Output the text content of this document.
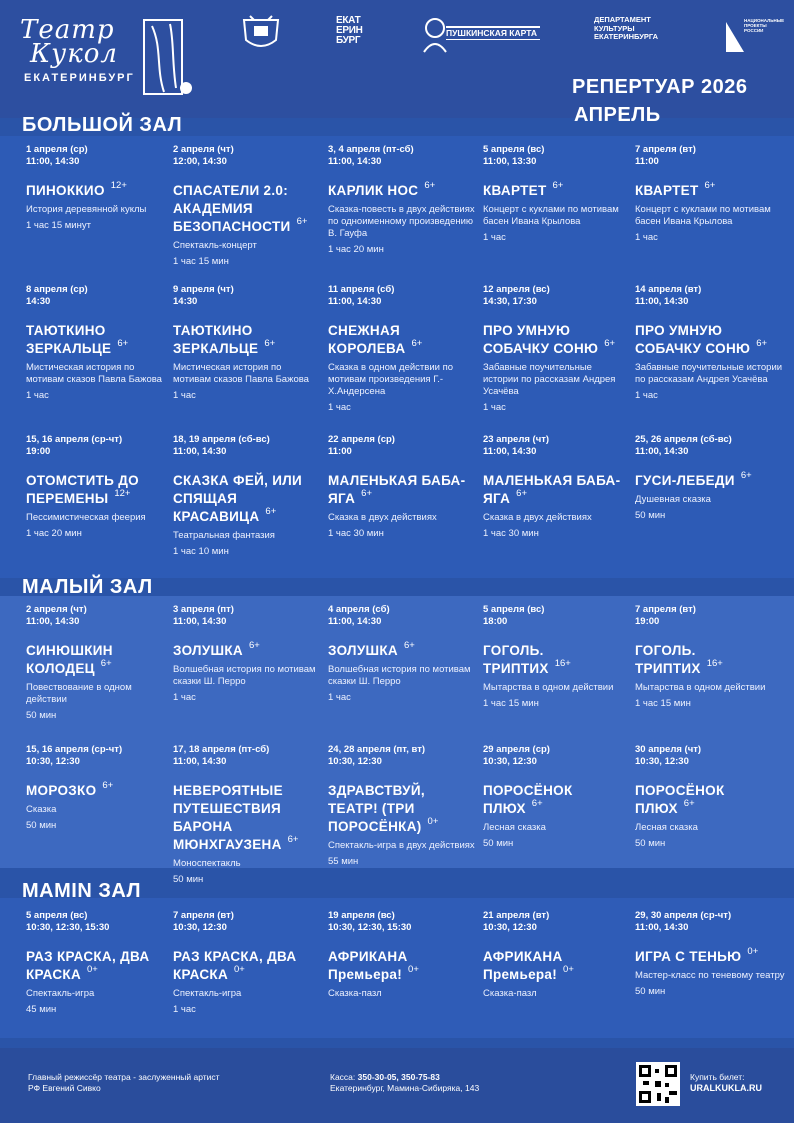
Театр
Кукол
ЕКАТЕРИНБУРГ
ЕКАТ
ЕРИН
БУРГ
ПУШКИНСКАЯ КАРТА
ДЕПАРТАМЕНТ
КУЛЬТУРЫ
ЕКАТЕРИНБУРГА
НАЦИОНАЛЬНЫЕ ПРОЕКТЫ РОССИИ
РЕПЕРТУАР 2026
АПРЕЛЬ
БОЛЬШОЙ ЗАЛ
МАЛЫЙ ЗАЛ
МАMIN ЗАЛ
1 апреля (ср)
11:00, 14:30
ПИНОККИО $^{12+}$
История деревянной куклы
1 час 15 минут
2 апреля (чт)
12:00, 14:30
СПАСАТЕЛИ 2.0: АКАДЕМИЯ БЕЗОПАСНОСТИ $^{6+}$
Спектакль-концерт
1 час 15 мин
3, 4 апреля (пт-сб)
11:00, 14:30
КАРЛИК НОС $^{6+}$
Сказка-повесть в двух действиях по одноименному произведению В. Гауфа
1 час 20 мин
5 апреля (вс)
11:00, 13:30
КВАРТЕТ $^{6+}$
Концерт с куклами по мотивам басен Ивана Крылова
1 час
7 апреля (вт)
11:00
КВАРТЕТ $^{6+}$
Концерт с куклами по мотивам басен Ивана Крылова
1 час
8 апреля (ср)
14:30
ТАЮТКИНО ЗЕРКАЛЬЦЕ $^{6+}$
Мистическая история по мотивам сказов Павла Бажова
1 час
9 апреля (чт)
14:30
ТАЮТКИНО ЗЕРКАЛЬЦЕ $^{6+}$
Мистическая история по мотивам сказов Павла Бажова
1 час
11 апреля (сб)
11:00, 14:30
СНЕЖНАЯ КОРОЛЕВА $^{6+}$
Сказка в одном действии по мотивам произведения Г.-Х.Андерсена
1 час
12 апреля (вс)
14:30, 17:30
ПРО УМНУЮ СОБАЧКУ СОНЮ $^{6+}$
Забавные поучительные истории по рассказам Андрея Усачёва
1 час
14 апреля (вт)
11:00, 14:30
ПРО УМНУЮ СОБАЧКУ СОНЮ $^{6+}$
Забавные поучительные истории по рассказам Андрея Усачёва
1 час
15, 16 апреля (ср-чт)
19:00
ОТОМСТИТЬ ДО ПЕРЕМЕНЫ $^{12+}$
Пессимистическая феерия
1 час 20 мин
18, 19 апреля (сб-вс)
11:00, 14:30
СКАЗКА ФЕЙ, ИЛИ СПЯЩАЯ КРАСАВИЦА $^{6+}$
Театральная фантазия
1 час 10 мин
22 апреля (ср)
11:00
МАЛЕНЬКАЯ БАБА-ЯГА $^{6+}$
Сказка в двух действиях
1 час 30 мин
23 апреля (чт)
11:00, 14:30
МАЛЕНЬКАЯ БАБА-ЯГА $^{6+}$
Сказка в двух действиях
1 час 30 мин
25, 26 апреля (сб-вс)
11:00, 14:30
ГУСИ-ЛЕБЕДИ $^{6+}$
Душевная сказка
50 мин
2 апреля (чт)
11:00, 14:30
СИНЮШКИН КОЛОДЕЦ $^{6+}$
Повествование в одном действии
50 мин
3 апреля (пт)
11:00, 14:30
ЗОЛУШКА $^{6+}$
Волшебная история по мотивам сказки Ш. Перро
1 час
4 апреля (сб)
11:00, 14:30
ЗОЛУШКА $^{6+}$
Волшебная история по мотивам сказки Ш. Перро
1 час
5 апреля (вс)
18:00
ГОГОЛЬ. ТРИПТИХ $^{16+}$
Мытарства в одном действии
1 час 15 мин
7 апреля (вт)
19:00
ГОГОЛЬ. ТРИПТИХ $^{16+}$
Мытарства в одном действии
1 час 15 мин
15, 16 апреля (ср-чт)
10:30, 12:30
МОРОЗКО $^{6+}$
Сказка
50 мин
17, 18 апреля (пт-сб)
11:00, 14:30
НЕВЕРОЯТНЫЕ ПУТЕШЕСТВИЯ БАРОНА МЮНХГАУЗЕНА $^{6+}$
Моноспектакль
50 мин
24, 28 апреля (пт, вт)
10:30, 12:30
ЗДРАВСТВУЙ, ТЕАТР! (ТРИ ПОРОСЁНКА) $^{0+}$
Спектакль-игра в двух действиях
55 мин
29 апреля (ср)
10:30, 12:30
ПОРОСЁНОК ПЛЮХ $^{6+}$
Лесная сказка
50 мин
30 апреля (чт)
10:30, 12:30
ПОРОСЁНОК ПЛЮХ $^{6+}$
Лесная сказка
50 мин
5 апреля (вс)
10:30, 12:30, 15:30
РАЗ КРАСКА, ДВА КРАСКА $^{0+}$
Спектакль-игра
45 мин
7 апреля (вт)
10:30, 12:30
РАЗ КРАСКА, ДВА КРАСКА $^{0+}$
Спектакль-игра
1 час
19 апреля (вс)
10:30, 12:30, 15:30
АФРИКАНА Премьера! $^{0+}$
Сказка-пазл
21 апреля (вт)
10:30, 12:30
АФРИКАНА Премьера! $^{0+}$
Сказка-пазл
29, 30 апреля (ср-чт)
11:00, 14:30
ИГРА С ТЕНЬЮ $^{0+}$
Мастер-класс по теневому театру
50 мин
Главный режиссёр театра - заслуженный артист РФ Евгений Сивко
Касса: 350-30-05, 350-75-83
Екатеринбург, Мамина-Сибиряка, 143
Купить билет:
URALKUKLA.RU
